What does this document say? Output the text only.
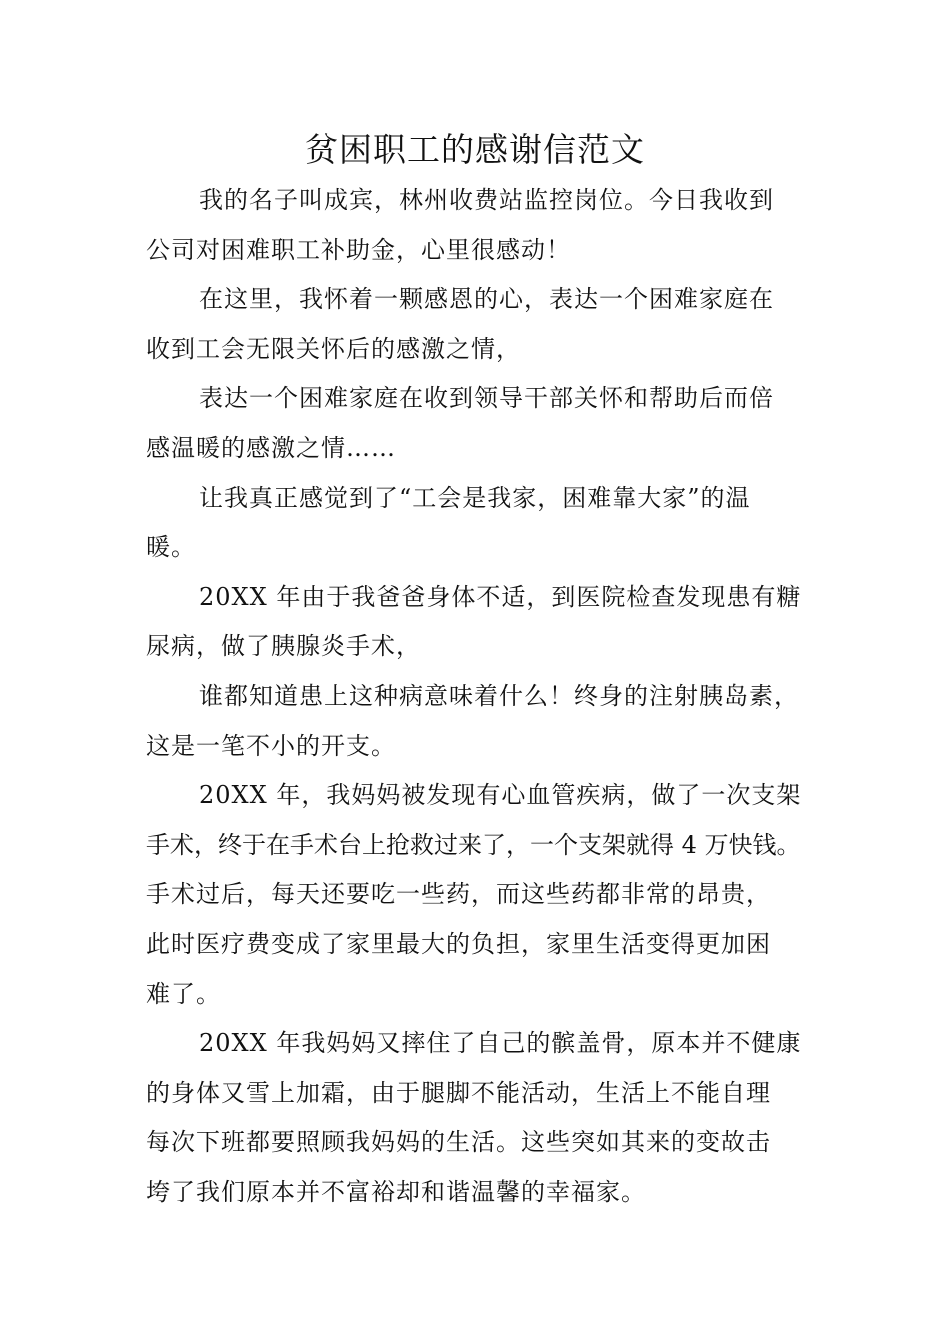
贫困职工的感谢信范文
我的名子叫成宾，林州收费站监控岗位。今日我收到
公司对困难职工补助金，心里很感动！
在这里，我怀着一颗感恩的心，表达一个困难家庭在
收到工会无限关怀后的感激之情，
表达一个困难家庭在收到领导干部关怀和帮助后而倍
感温暖的感激之情……
让我真正感觉到了“工会是我家，困难靠大家”的温
暖。
20XX 年由于我爸爸身体不适，到医院检查发现患有糖
尿病，做了胰腺炎手术，
谁都知道患上这种病意味着什么！终身的注射胰岛素，
这是一笔不小的开支。
20XX 年，我妈妈被发现有心血管疾病，做了一次支架
手术，终于在手术台上抢救过来了，一个支架就得 4 万快钱。
手术过后，每天还要吃一些药，而这些药都非常的昂贵，
此时医疗费变成了家里最大的负担，家里生活变得更加困
难了。
20XX 年我妈妈又摔住了自己的髌盖骨，原本并不健康
的身体又雪上加霜，由于腿脚不能活动，生活上不能自理
每次下班都要照顾我妈妈的生活。这些突如其来的变故击
垮了我们原本并不富裕却和谐温馨的幸福家。
